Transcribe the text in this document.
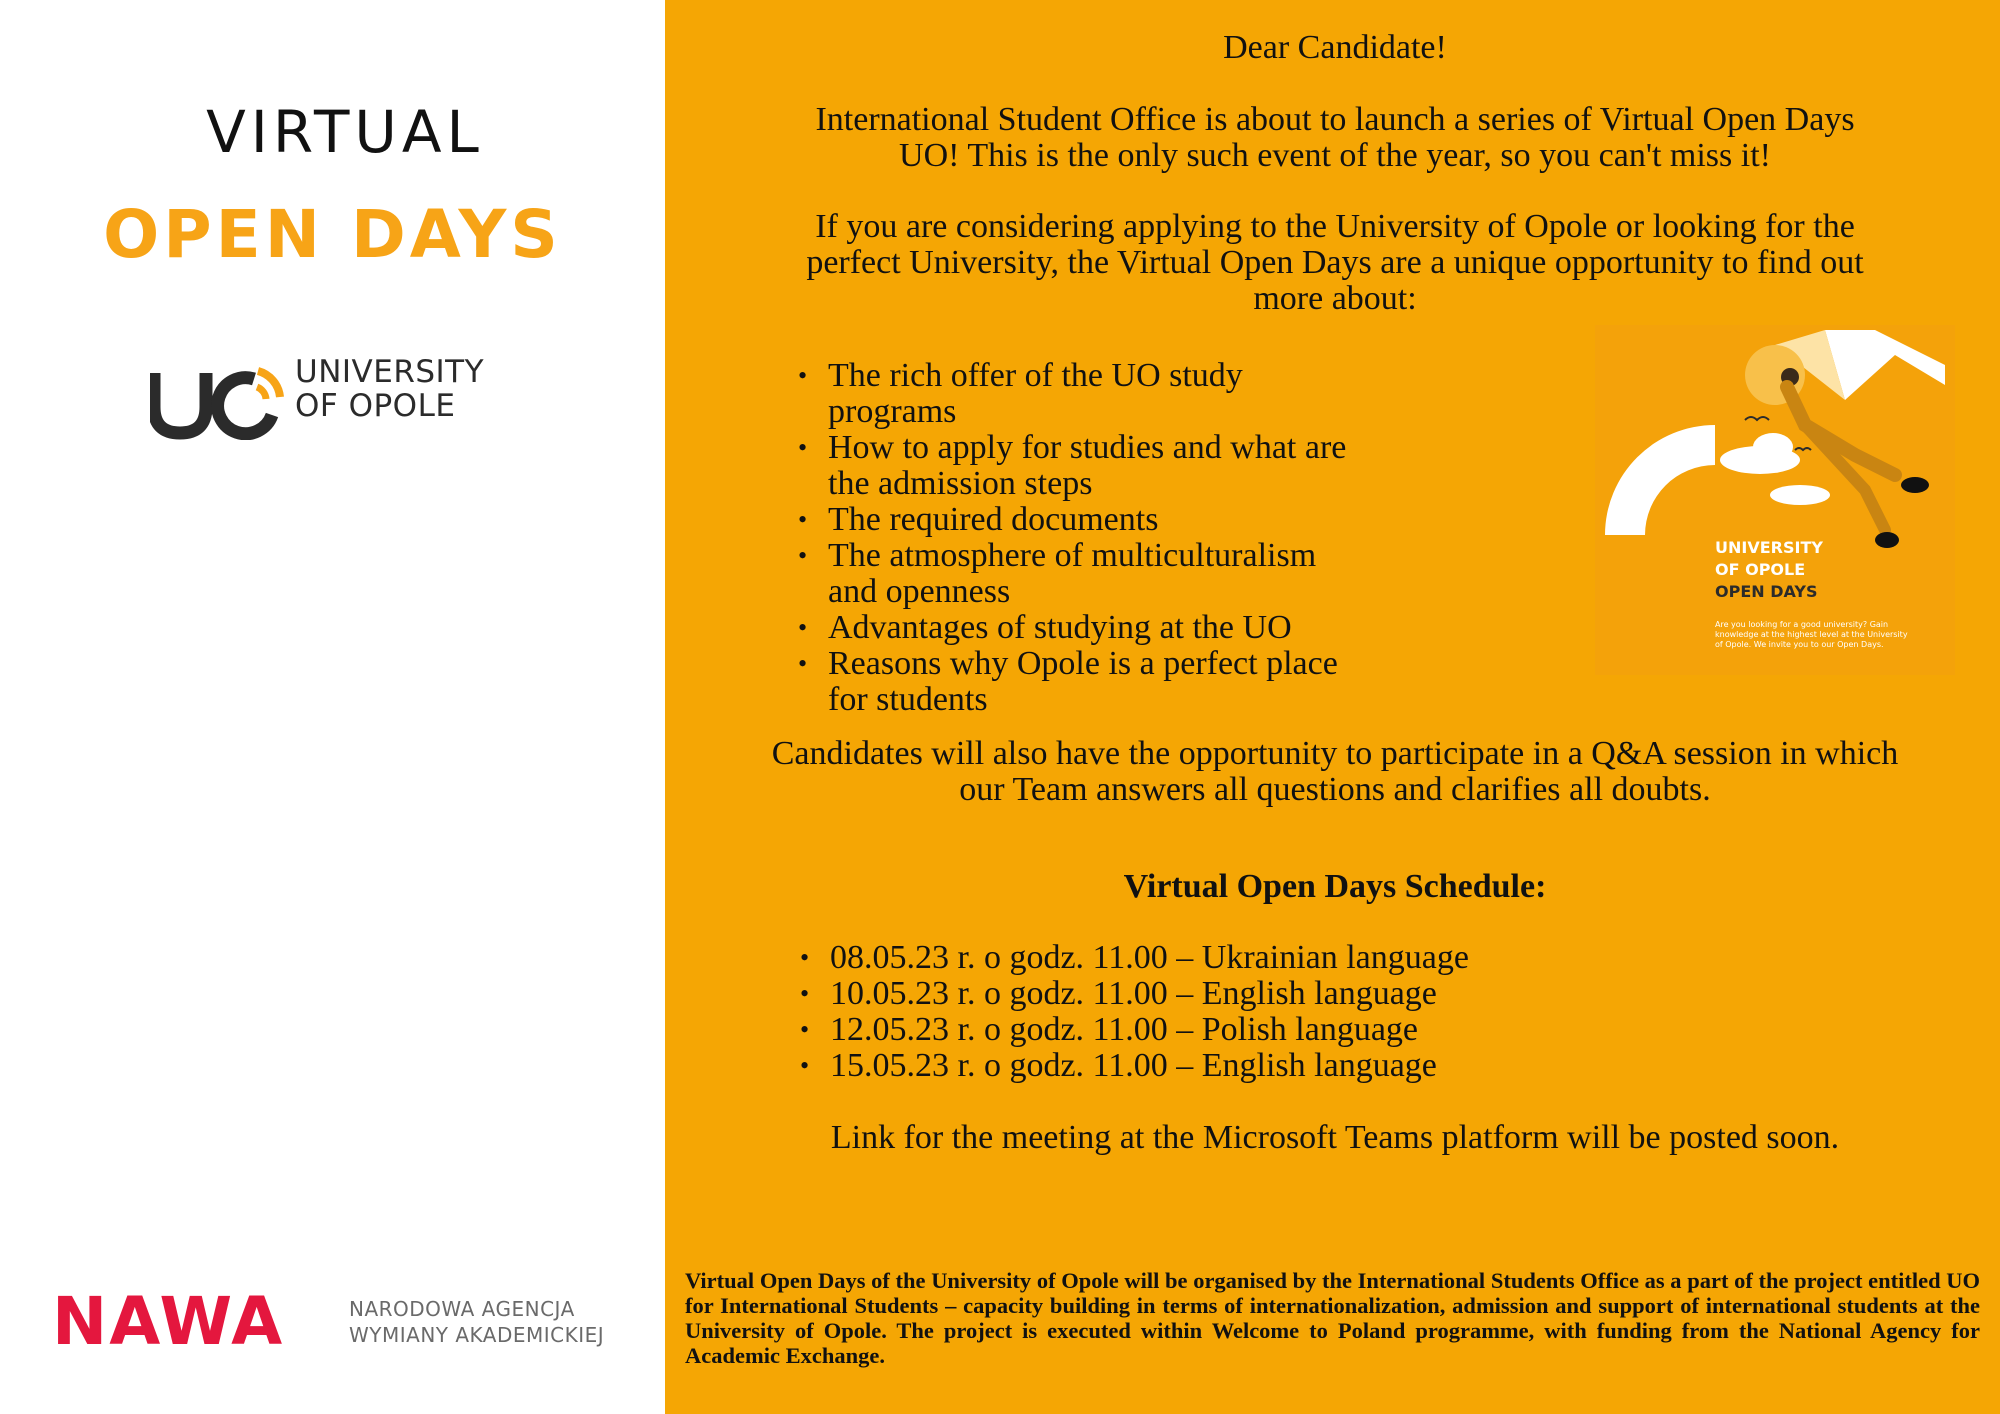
VIRTUAL
OPEN DAYS
UNIVERSITY
OF OPOLE
NAWA	NARODOWA AGENCJA
WYMIANY AKADEMICKIEJ
Dear Candidate!
International Student Office is about to launch a series of Virtual Open Days
UO! This is the only such event of the year, so you can't miss it!
If you are considering applying to the University of Opole or looking for the
perfect University, the Virtual Open Days are a unique opportunity to find out
more about:
• The rich offer of the UO study programs
• How to apply for studies and what are the admission steps
• The required documents
• The atmosphere of multiculturalism and openness
• Advantages of studying at the UO
• Reasons why Opole is a perfect place for students
UNIVERSITY
OF OPOLE
OPEN DAYS
Are you looking for a good university? Gain knowledge at the highest level at the University of Opole. We invite you to our Open Days.
Candidates will also have the opportunity to participate in a Q&A session in which
our Team answers all questions and clarifies all doubts.
Virtual Open Days Schedule:
• 08.05.23 r. o godz. 11.00 – Ukrainian language
• 10.05.23 r. o godz. 11.00 – English language
• 12.05.23 r. o godz. 11.00 – Polish language
• 15.05.23 r. o godz. 11.00 – English language
Link for the meeting at the Microsoft Teams platform will be posted soon.
Virtual Open Days of the University of Opole will be organised by the International Students Office as a part of the project entitled UO for International Students – capacity building in terms of internationalization, admission and support of international students at the University of Opole. The project is executed within Welcome to Poland programme, with funding from the National Agency for Academic Exchange.
